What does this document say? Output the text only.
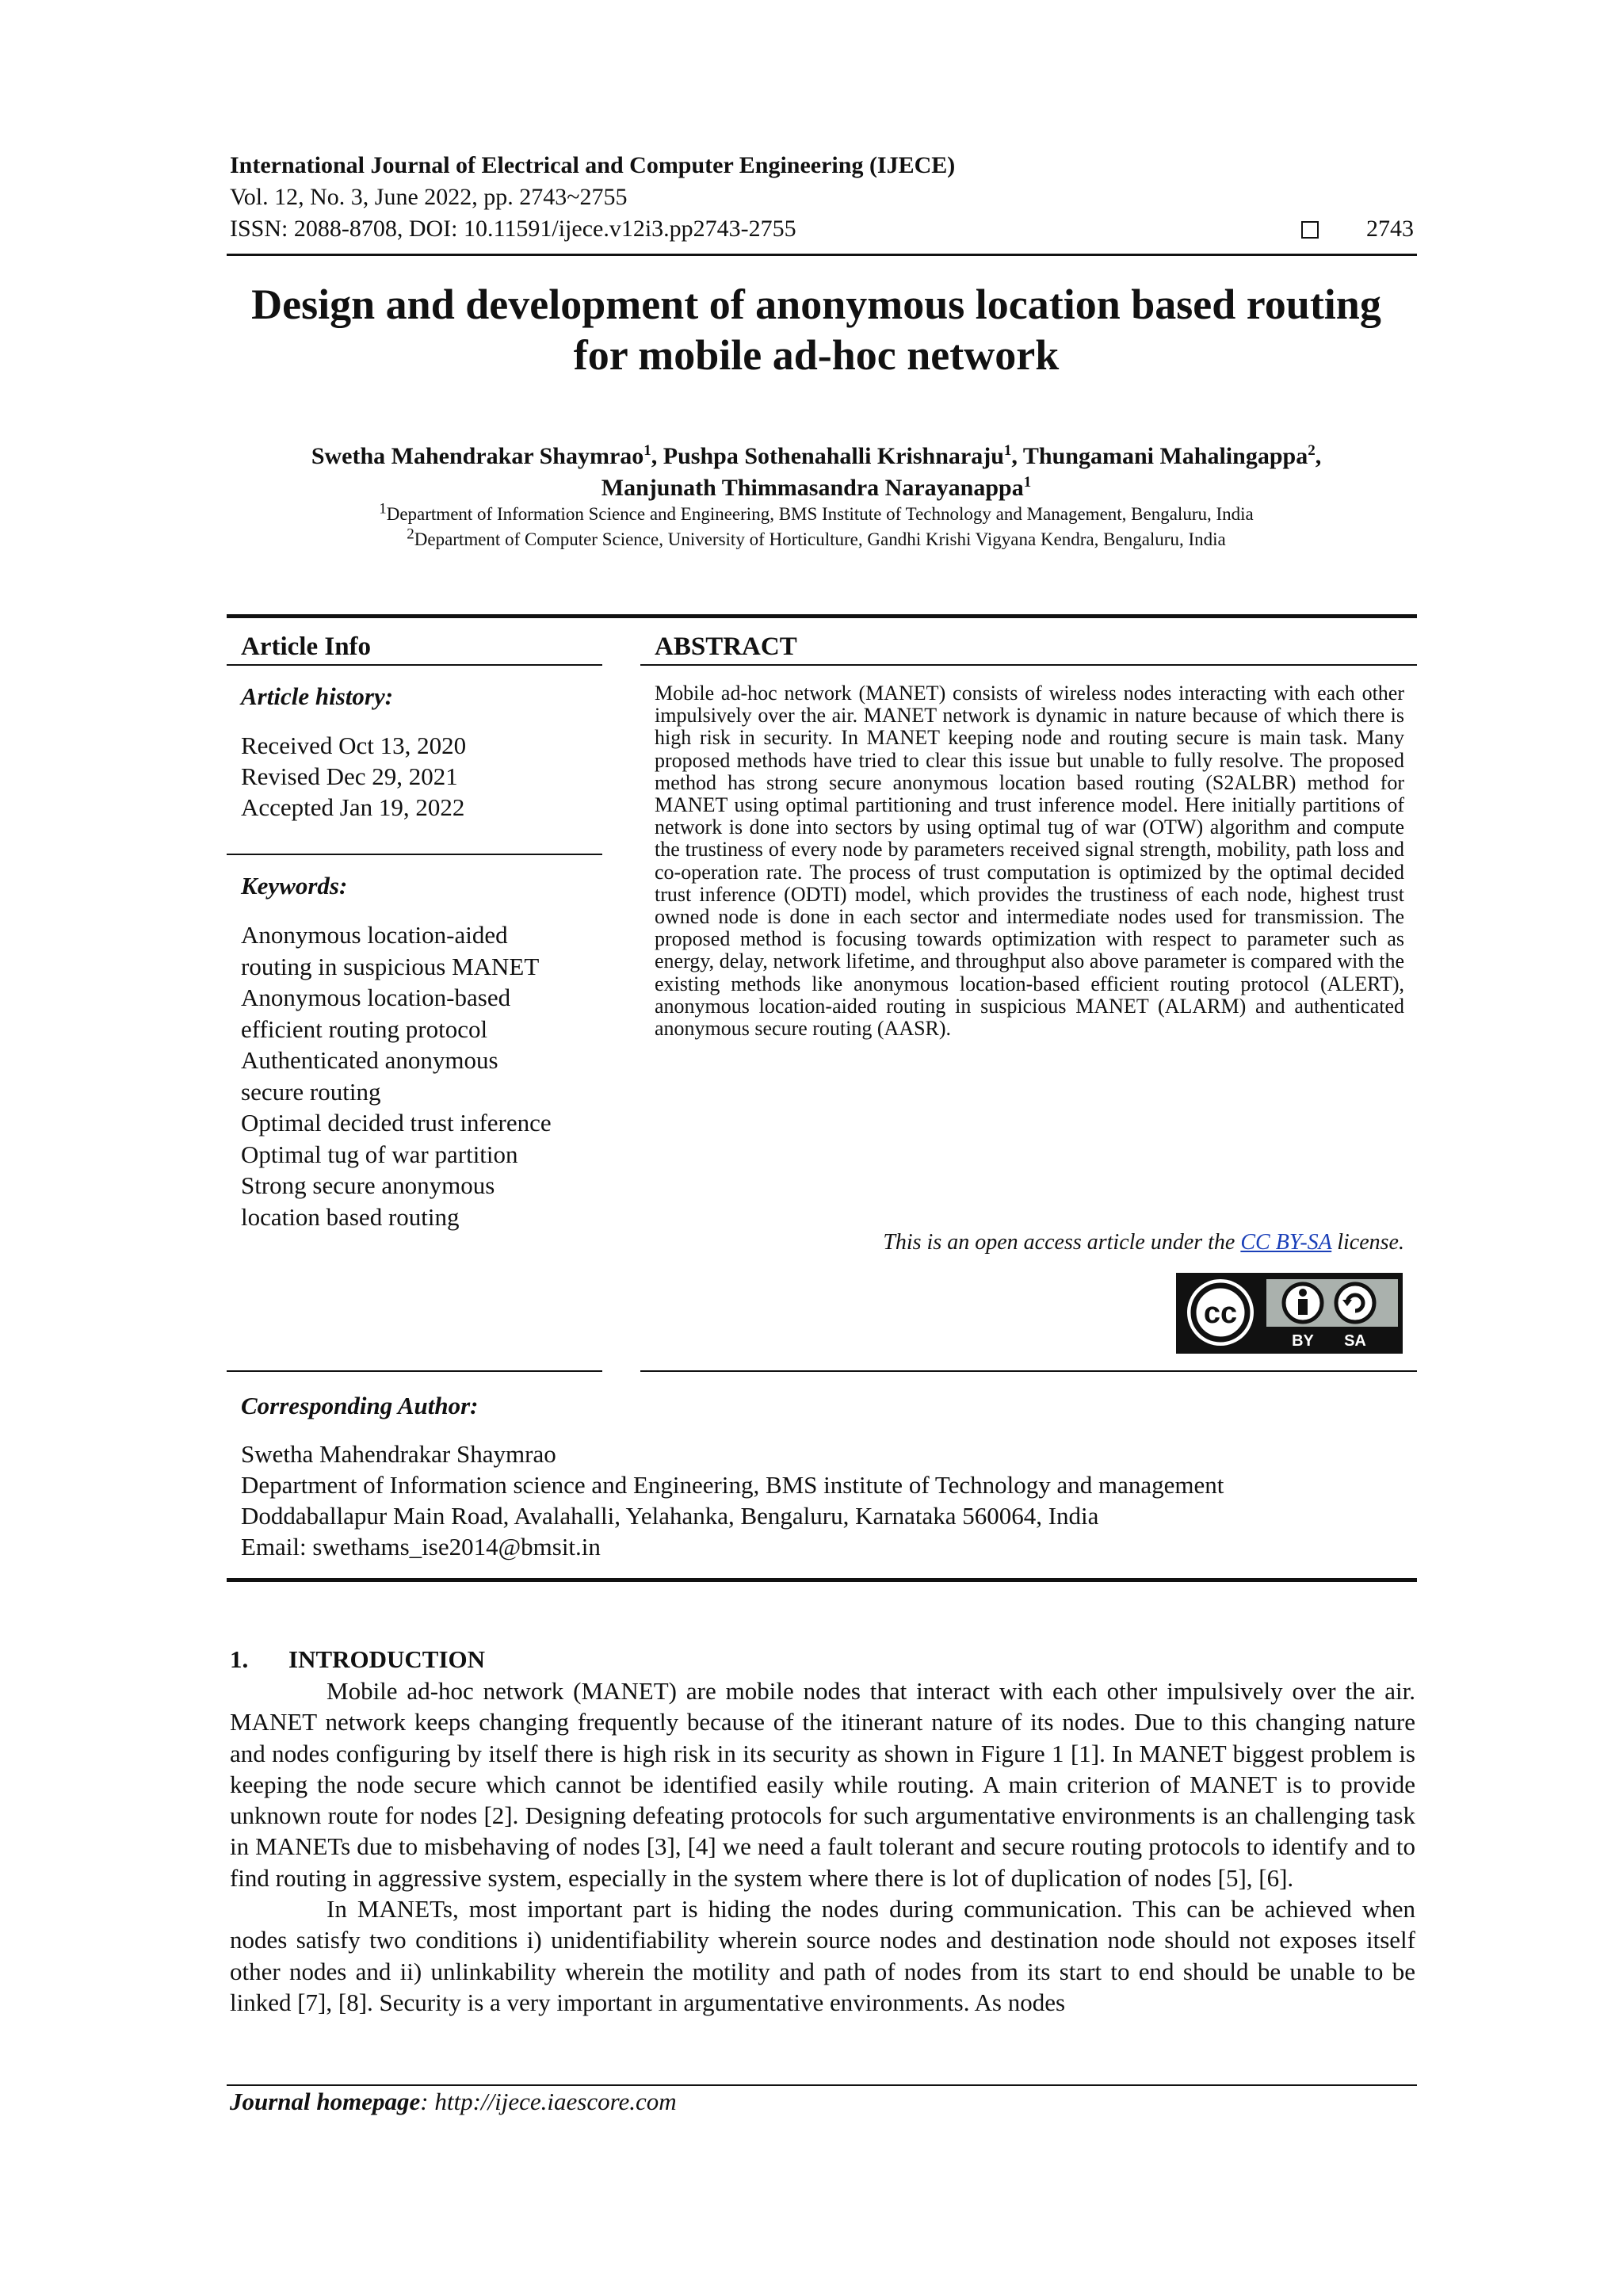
International Journal of Electrical and Computer Engineering (IJECE)
Vol. 12, No. 3, June 2022, pp. 2743~2755
ISSN: 2088-8708, DOI: 10.11591/ijece.v12i3.pp2743-2755	2743
Design and development of anonymous location based routing
for mobile ad-hoc network
Swetha Mahendrakar Shaymrao$^1$, Pushpa Sothenahalli Krishnaraju$^1$, Thungamani Mahalingappa$^2$,
Manjunath Thimmasandra Narayanappa$^1$
$^1$Department of Information Science and Engineering, BMS Institute of Technology and Management, Bengaluru, India
$^2$Department of Computer Science, University of Horticulture, Gandhi Krishi Vigyana Kendra, Bengaluru, India
Article Info
Article history:
Received Oct 13, 2020
Revised Dec 29, 2021
Accepted Jan 19, 2022
Keywords:
Anonymous location-aided
routing in suspicious MANET
Anonymous location-based
efficient routing protocol
Authenticated anonymous
secure routing
Optimal decided trust inference
Optimal tug of war partition
Strong secure anonymous
location based routing
ABSTRACT
Mobile ad-hoc network (MANET) consists of wireless nodes interacting with each other impulsively over the air. MANET network is dynamic in nature because of which there is high risk in security. In MANET keeping node and routing secure is main task. Many proposed methods have tried to clear this issue but unable to fully resolve. The proposed method has strong secure anonymous location based routing (S2ALBR) method for MANET using optimal partitioning and trust inference model. Here initially partitions of network is done into sectors by using optimal tug of war (OTW) algorithm and compute the trustiness of every node by parameters received signal strength, mobility, path loss and co-operation rate. The process of trust computation is optimized by the optimal decided trust inference (ODTI) model, which provides the trustiness of each node, highest trust owned node is done in each sector and intermediate nodes used for transmission. The proposed method is focusing towards optimization with respect to parameter such as energy, delay, network lifetime, and throughput also above parameter is compared with the existing methods like anonymous location-based efficient routing protocol (ALERT), anonymous location-aided routing in suspicious MANET (ALARM) and authenticated anonymous secure routing (AASR).
This is an open access article under the CC BY-SA license.
cc
BY SA
Corresponding Author:
Swetha Mahendrakar Shaymrao
Department of Information science and Engineering, BMS institute of Technology and management
Doddaballapur Main Road, Avalahalli, Yelahanka, Bengaluru, Karnataka 560064, India
Email: swethams_ise2014@bmsit.in
1. INTRODUCTION

Mobile ad-hoc network (MANET) are mobile nodes that interact with each other impulsively over the air. MANET network keeps changing frequently because of the itinerant nature of its nodes. Due to this changing nature and nodes configuring by itself there is high risk in its security as shown in Figure 1 [1]. In MANET biggest problem is keeping the node secure which cannot be identified easily while routing. A main criterion of MANET is to provide unknown route for nodes [2]. Designing defeating protocols for such argumentative environments is an challenging task in MANETs due to misbehaving of nodes [3], [4] we need a fault tolerant and secure routing protocols to identify and to find routing in aggressive system, especially in the system where there is lot of duplication of nodes [5], [6].

In MANETs, most important part is hiding the nodes during communication. This can be achieved when nodes satisfy two conditions i) unidentifiability wherein source nodes and destination node should not exposes itself other nodes and ii) unlinkability wherein the motility and path of nodes from its start to end should be unable to be linked [7], [8]. Security is a very important in argumentative environments. As nodes

Journal homepage: http://ijece.iaescore.com
